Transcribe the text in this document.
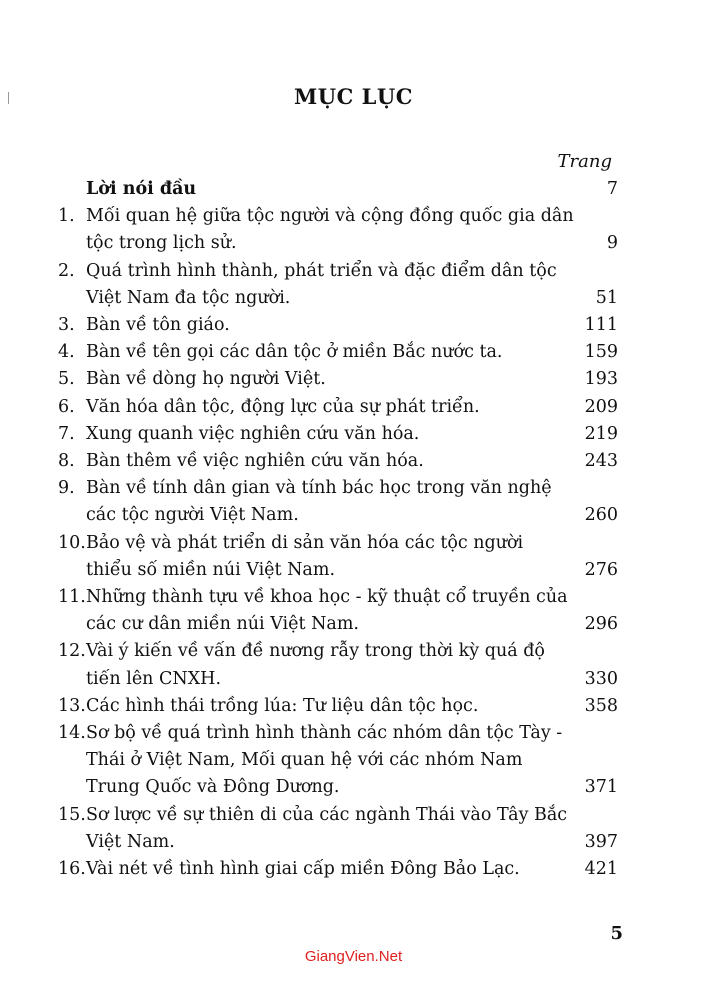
MỤC LỤC
Trang
Lời nói đầu	7
1. Mối quan hệ giữa tộc người và cộng đồng quốc gia dân
tộc trong lịch sử.	9
2. Quá trình hình thành, phát triển và đặc điểm dân tộc
Việt Nam đa tộc người.	51
3. Bàn về tôn giáo.	111
4. Bàn về tên gọi các dân tộc ở miền Bắc nước ta.	159
5. Bàn về dòng họ người Việt.	193
6. Văn hóa dân tộc, động lực của sự phát triển.	209
7. Xung quanh việc nghiên cứu văn hóa.	219
8. Bàn thêm về việc nghiên cứu văn hóa.	243
9. Bàn về tính dân gian và tính bác học trong văn nghệ
các tộc người Việt Nam.	260
10. Bảo vệ và phát triển di sản văn hóa các tộc người
thiểu số miền núi Việt Nam.	276
11. Những thành tựu về khoa học - kỹ thuật cổ truyền của
các cư dân miền núi Việt Nam.	296
12. Vài ý kiến về vấn đề nương rẫy trong thời kỳ quá độ
tiến lên CNXH.	330
13. Các hình thái trồng lúa: Tư liệu dân tộc học.	358
14. Sơ bộ về quá trình hình thành các nhóm dân tộc Tày -
Thái ở Việt Nam, Mối quan hệ với các nhóm Nam
Trung Quốc và Đông Dương.	371
15. Sơ lược về sự thiên di của các ngành Thái vào Tây Bắc
Việt Nam.	397
16. Vài nét về tình hình giai cấp miền Đông Bảo Lạc.	421
5
GiangVien.Net
